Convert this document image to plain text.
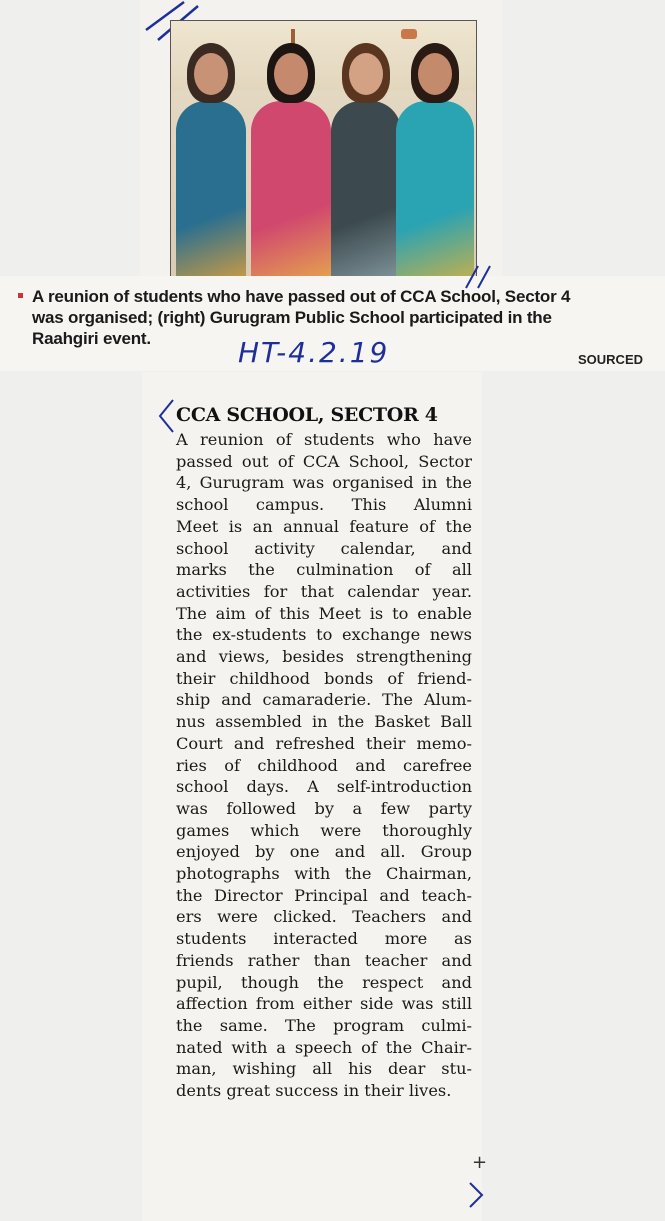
A reunion of students who have passed out of CCA School, Sector 4
was organised; (right) Gurugram Public School participated in the
Raahgiri event.	HT-4.2.19	SOURCED
CCA SCHOOL, SECTOR 4
A reunion of students who have
passed out of CCA School, Sector
4, Gurugram was organised in the
school campus. This Alumni
Meet is an annual feature of the
school activity calendar, and
marks the culmination of all
activities for that calendar year.
The aim of this Meet is to enable
the ex-students to exchange news
and views, besides strengthening
their childhood bonds of friend-
ship and camaraderie. The Alum-
nus assembled in the Basket Ball
Court and refreshed their memo-
ries of childhood and carefree
school days. A self-introduction
was followed by a few party
games which were thoroughly
enjoyed by one and all. Group
photographs with the Chairman,
the Director Principal and teach-
ers were clicked. Teachers and
students interacted more as
friends rather than teacher and
pupil, though the respect and
affection from either side was still
the same. The program culmi-
nated with a speech of the Chair-
man, wishing all his dear stu-
dents great success in their lives.
+
